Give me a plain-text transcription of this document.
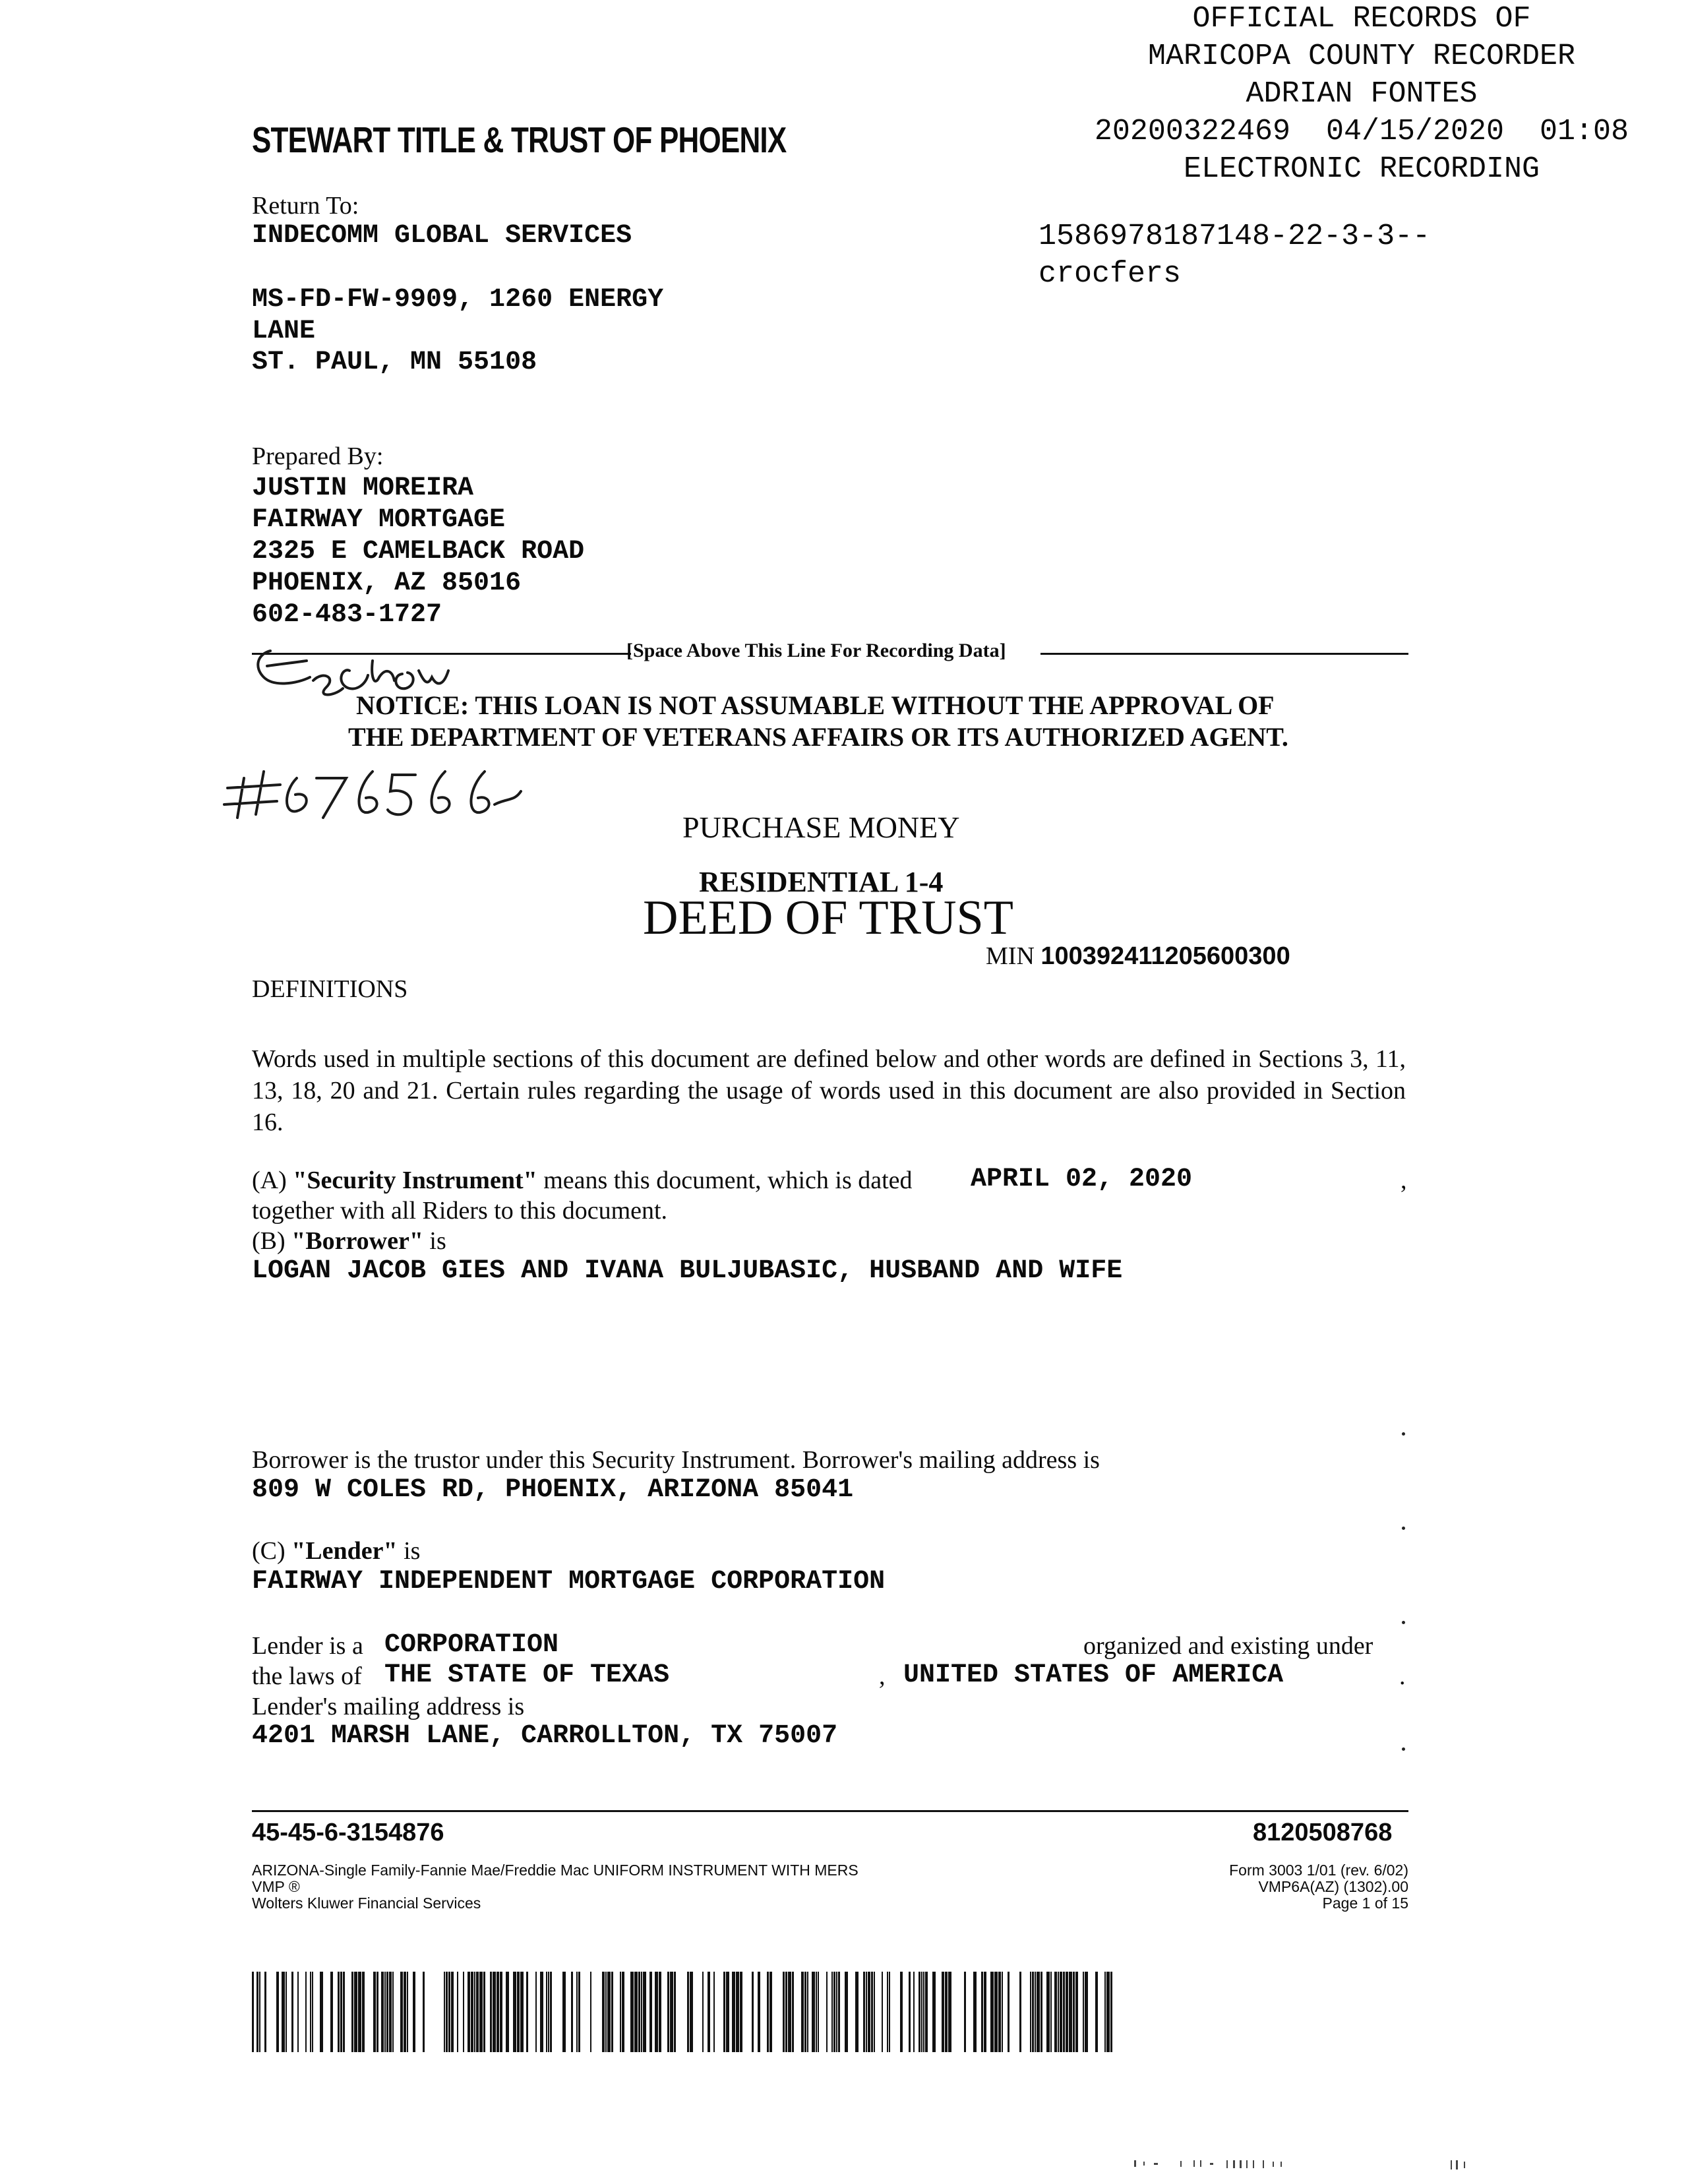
OFFICIAL RECORDS OF
MARICOPA COUNTY RECORDER
ADRIAN FONTES
20200322469 04/15/2020 01:08
ELECTRONIC RECORDING
1586978187148-22-3-3--
crocfers
STEWART TITLE & TRUST OF PHOENIX
Return To:
INDECOMM GLOBAL SERVICES
MS-FD-FW-9909, 1260 ENERGY
LANE
ST. PAUL, MN 55108
Prepared By:
JUSTIN MOREIRA
FAIRWAY MORTGAGE
2325 E CAMELBACK ROAD
PHOENIX, AZ 85016
602-483-1727
[Space Above This Line For Recording Data]
NOTICE: THIS LOAN IS NOT ASSUMABLE WITHOUT THE APPROVAL OF
THE DEPARTMENT OF VETERANS AFFAIRS OR ITS AUTHORIZED AGENT.
PURCHASE MONEY
RESIDENTIAL 1-4
DEED OF TRUST
MIN 100392411205600300
DEFINITIONS
Words used in multiple sections of this document are defined below and other words are defined in Sections 3, 11, 13, 18, 20 and 21. Certain rules regarding the usage of words used in this document are also provided in Section 16.
(A) "Security Instrument" means this document, which is dated APRIL 02, 2020	,
together with all Riders to this document.
(B) "Borrower" is
LOGAN JACOB GIES AND IVANA BULJUBASIC, HUSBAND AND WIFE
Borrower is the trustor under this Security Instrument. Borrower's mailing address is
809 W COLES RD, PHOENIX, ARIZONA 85041
(C) "Lender" is
FAIRWAY INDEPENDENT MORTGAGE CORPORATION
Lender is a CORPORATION	organized and existing under
the laws of THE STATE OF TEXAS	, UNITED STATES OF AMERICA	.
Lender's mailing address is
4201 MARSH LANE, CARROLLTON, TX 75007
45-45-6-3154876	8120508768
ARIZONA-Single Family-Fannie Mae/Freddie Mac UNIFORM INSTRUMENT WITH MERS
VMP ®
Wolters Kluwer Financial Services
Form 3003 1/01 (rev. 6/02)
VMP6A(AZ) (1302).00
Page 1 of 15
